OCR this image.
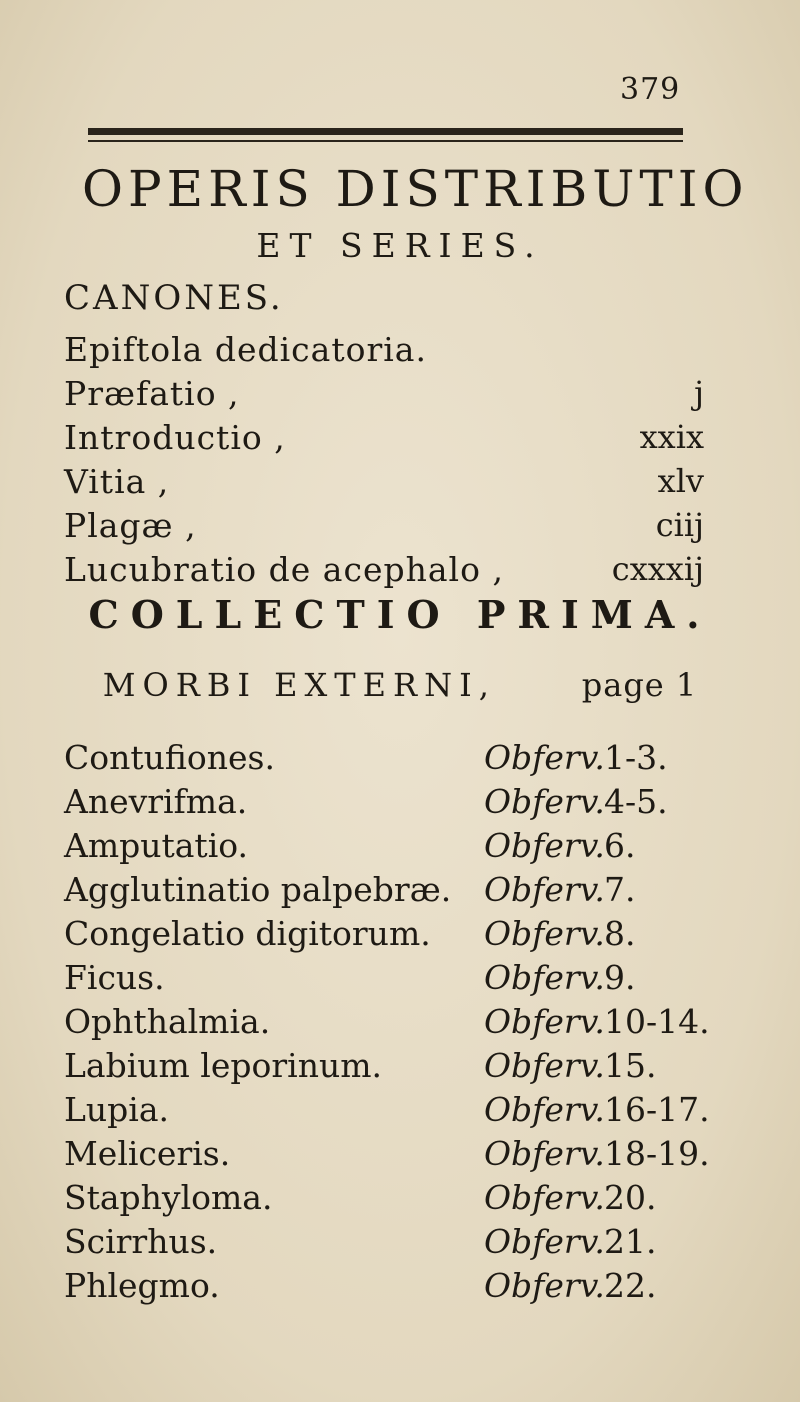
379
OPERIS DISTRIBUTIO
ET SERIES.
CANONES.
Epiftola dedicatoria.
Præfatio ,	j
Introductio ,	xxix
Vitia ,	xlv
Plagæ ,	ciij
Lucubratio de acephalo ,	cxxxij
COLLECTIO PRIMA.
MORBI EXTERNI,	page 1
Contufiones.	Obferv. 1-3.
Anevrifma.	Obferv. 4-5.
Amputatio.	Obferv. 6.
Agglutinatio palpebræ. Obferv. 7.
Congelatio digitorum. Obferv. 8.
Ficus.	Obferv. 9.
Ophthalmia.	Obferv. 10-14.
Labium leporinum.	Obferv. 15.
Lupia.	Obferv. 16-17.
Meliceris.	Obferv. 18-19.
Staphyloma.	Obferv. 20.
Scirrhus.	Obferv. 21.
Phlegmo.	Obferv. 22.
